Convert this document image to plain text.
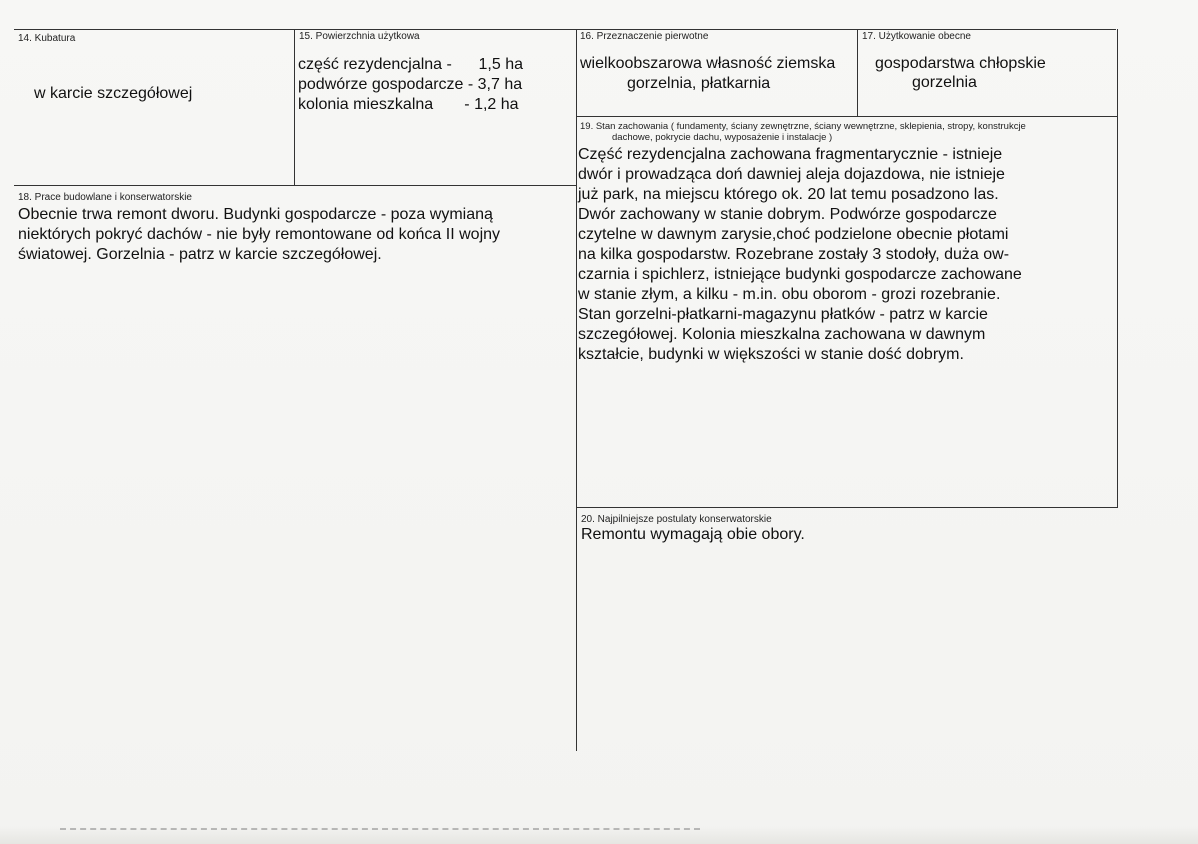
14. Kubatura
w karcie szczegółowej
15. Powierzchnia użytkowa
część rezydencjalna -      1,5 ha
podwórze gospodarcze - 3,7 ha
kolonia mieszkalna       - 1,2 ha
16. Przeznaczenie pierwotne
wielkoobszarowa własność ziemska
gorzelnia, płatkarnia
17. Użytkowanie obecne
gospodarstwa chłopskie
gorzelnia
18. Prace budowlane i konserwatorskie
Obecnie trwa remont dworu. Budynki gospodarcze - poza wymianą
niektórych pokryć dachów - nie były remontowane od końca II wojny
światowej. Gorzelnia - patrz w karcie szczegółowej.
19. Stan zachowania ( fundamenty, ściany zewnętrzne, ściany wewnętrzne, sklepienia, stropy, konstrukcje
dachowe, pokrycie dachu, wyposażenie i instalacje )
Część rezydencjalna zachowana fragmentarycznie - istnieje
dwór i prowadząca doń dawniej aleja dojazdowa, nie istnieje
już park, na miejscu którego ok. 20 lat temu posadzono las.
Dwór zachowany w stanie dobrym. Podwórze gospodarcze
czytelne w dawnym zarysie,choć podzielone obecnie płotami
na kilka gospodarstw. Rozebrane zostały 3 stodoły, duża ow-
czarnia i spichlerz, istniejące budynki gospodarcze zachowane
w stanie złym, a kilku - m.in. obu oborom - grozi rozebranie.
Stan gorzelni-płatkarni-magazynu płatków - patrz w karcie
szczegółowej. Kolonia mieszkalna zachowana w dawnym
kształcie, budynki w większości w stanie dość dobrym.
20. Najpilniejsze postulaty konserwatorskie
Remontu wymagają obie obory.
